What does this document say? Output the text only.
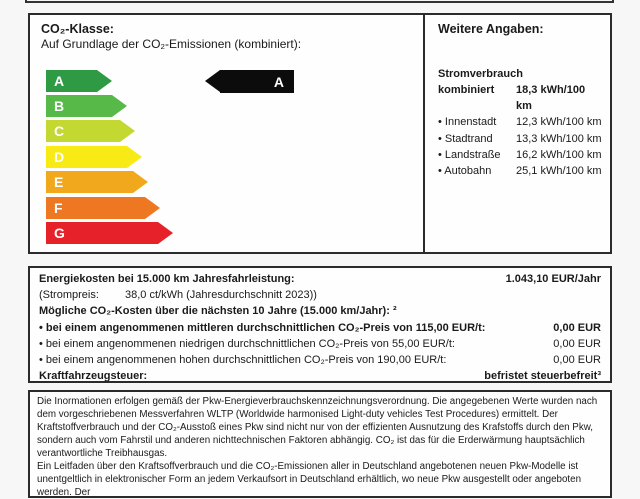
CO₂-Klasse:
Auf Grundlage der CO₂-Emissionen (kombiniert):
A
B
C
D
E
F
G
A
Weitere Angaben:
Stromverbrauch
kombiniert	18,3 kWh/100 km
• Innenstadt	12,3 kWh/100 km
• Stadtrand	13,3 kWh/100 km
• Landstraße	16,2 kWh/100 km
• Autobahn	25,1 kWh/100 km
Energiekosten bei 15.000 km Jahresfahrleistung:	1.043,10 EUR/Jahr
(Strompreis: 38,0 ct/kWh (Jahresdurchschnitt 2023))
Mögliche CO₂-Kosten über die nächsten 10 Jahre (15.000 km/Jahr): ²
• bei einem angenommenen mittleren durchschnittlichen CO₂-Preis von 115,00 EUR/t:	0,00 EUR
• bei einem angenommenen niedrigen durchschnittlichen CO₂-Preis von 55,00 EUR/t:	0,00 EUR
• bei einem angenommenen hohen durchschnittlichen CO₂-Preis von 190,00 EUR/t:	0,00 EUR
Kraftfahrzeugsteuer:	befristet steuerbefreit³

Die Inormationen erfolgen gemäß der Pkw-Energieverbrauchskennzeichnungsverordnung. Die angegebenen Werte wurden nach

dem vorgeschriebenen Messverfahren WLTP (Worldwide harmonised Light-duty vehicles Test Procedures) ermittelt. Der

Kraftstoffverbrauch und der CO₂-Ausstoß eines Pkw sind nicht nur von der effizienten Ausnutzung des Krafstoffs durch den Pkw,

sondern auch vom Fahrstil und anderen nichttechnischen Faktoren abhängig. CO₂ ist das für die Erderwärmung hauptsächlich

verantwortliche Treibhausgas.

Ein Leitfaden über den Kraftsoffverbrauch und die CO₂-Emissionen aller in Deutschland angebotenen neuen Pkw-Modelle ist

unentgeltlich in elektronischer Form an jedem Verkaufsort in Deutschland erhältlich, wo neue Pkw ausgestellt oder angeboten werden. Der
